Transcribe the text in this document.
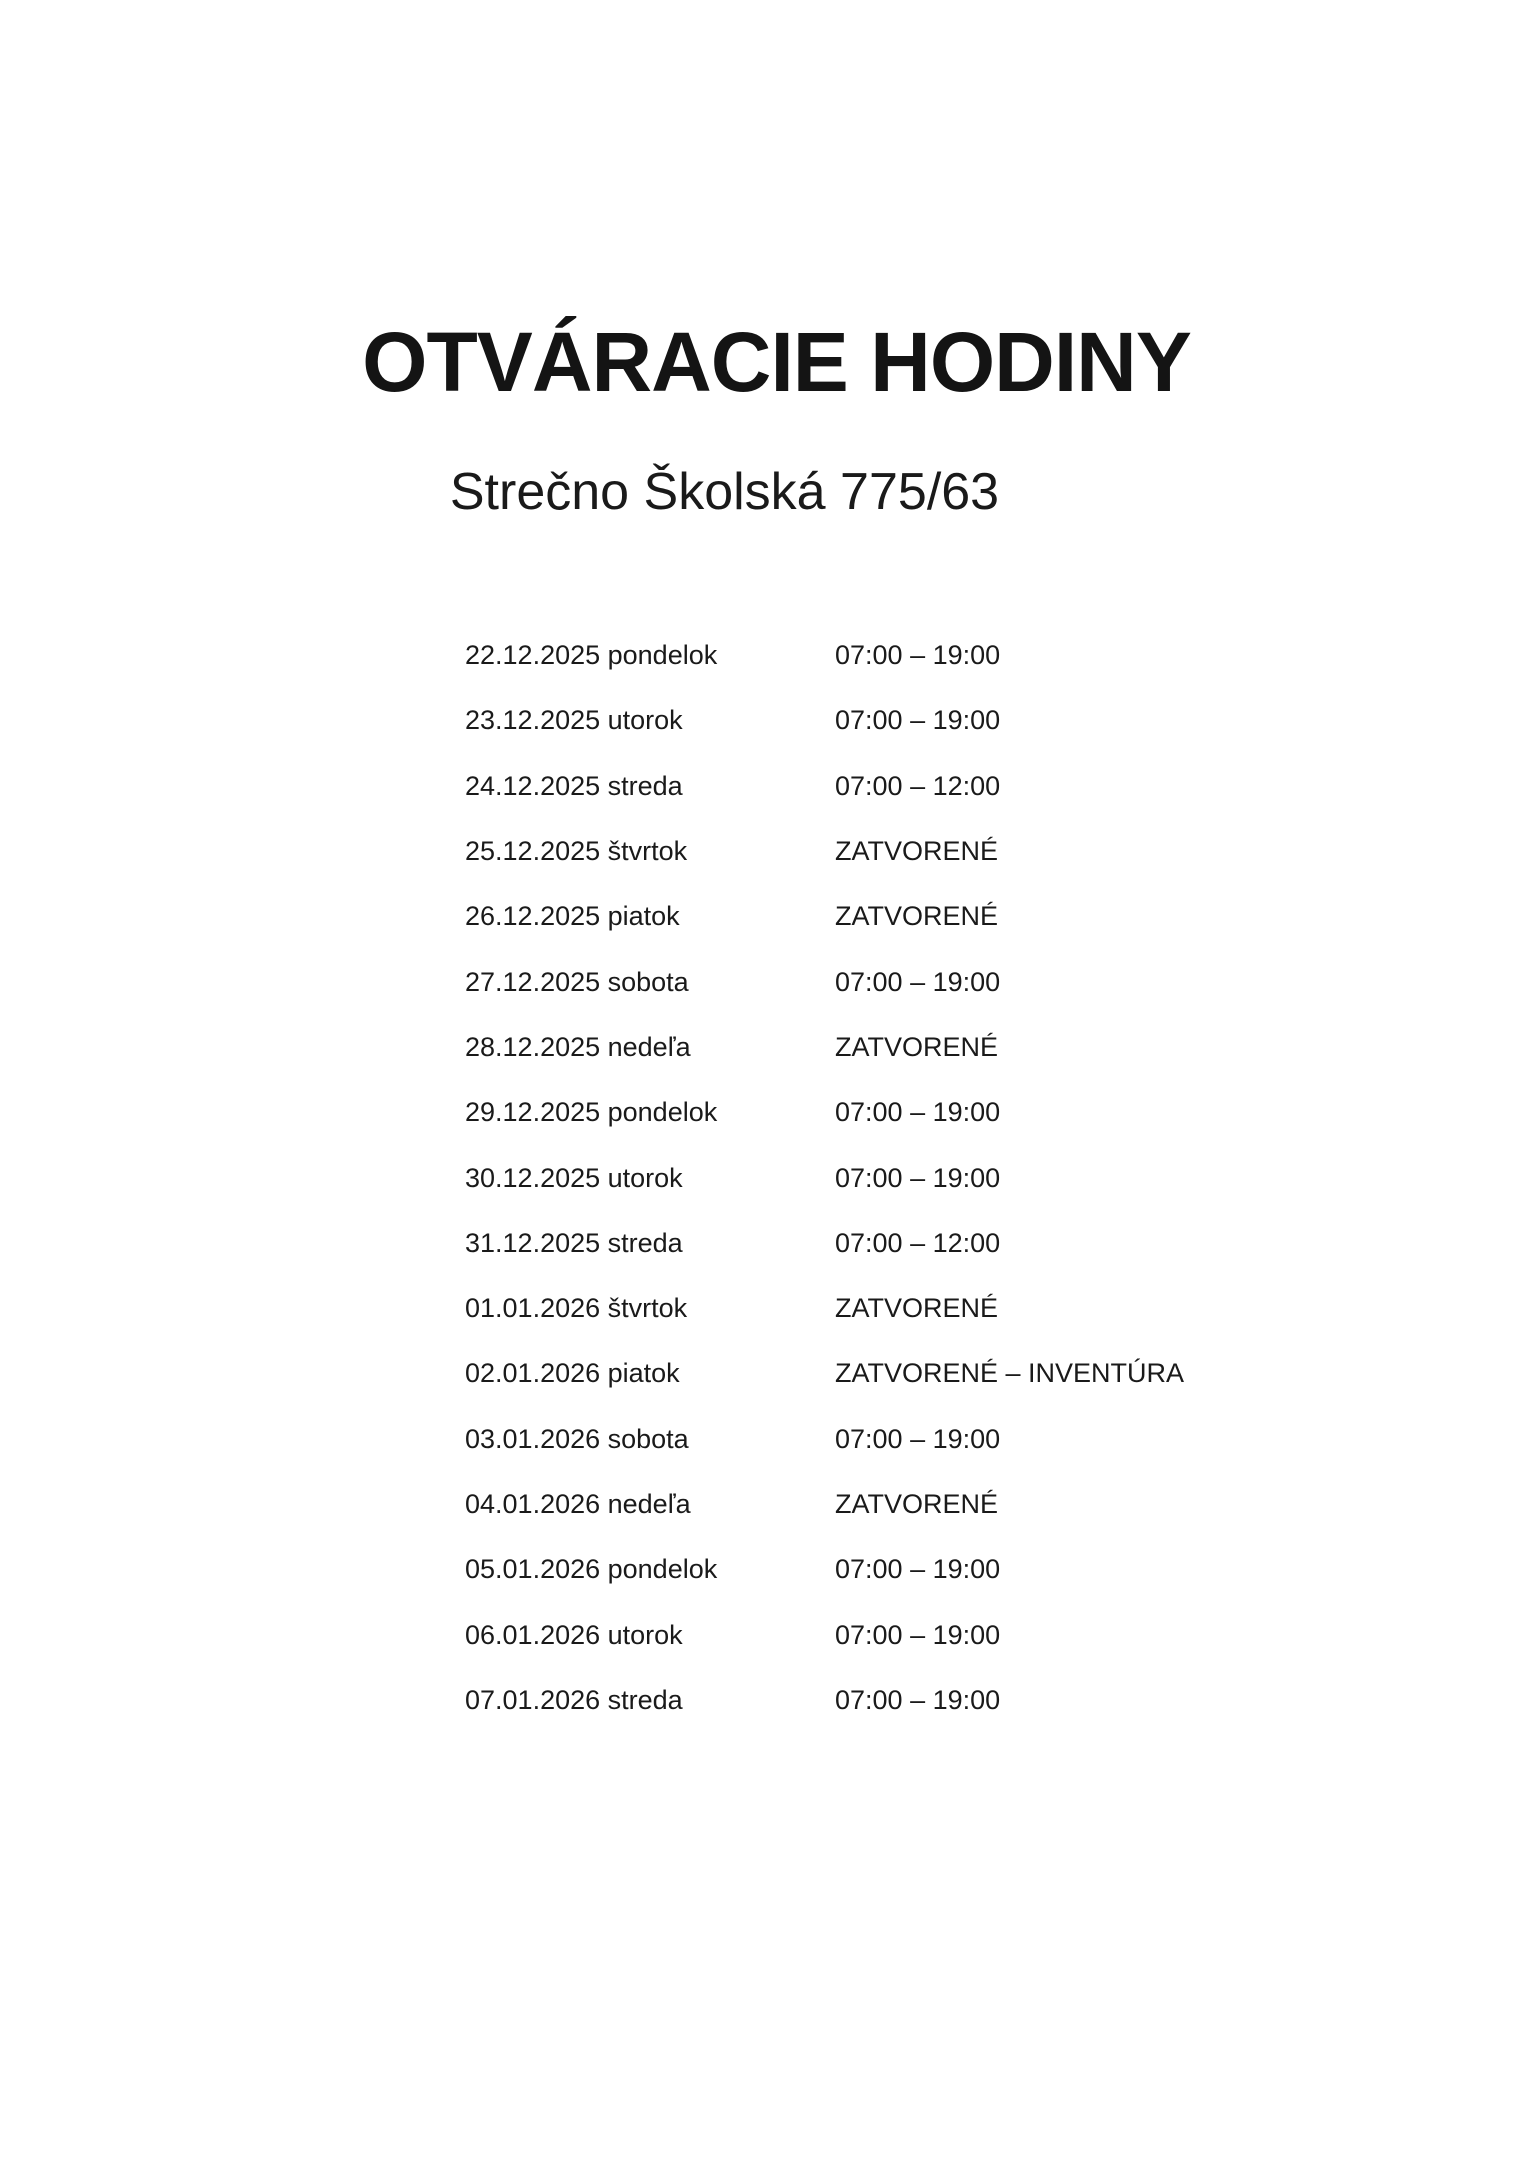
OTVÁRACIE HODINY
Strečno Školská 775/63
22.12.2025 pondelok	07:00 – 19:00
23.12.2025 utorok	07:00 – 19:00
24.12.2025 streda	07:00 – 12:00
25.12.2025 štvrtok	ZATVORENÉ
26.12.2025 piatok	ZATVORENÉ
27.12.2025 sobota	07:00 – 19:00
28.12.2025 nedeľa	ZATVORENÉ
29.12.2025 pondelok	07:00 – 19:00
30.12.2025 utorok	07:00 – 19:00
31.12.2025 streda	07:00 – 12:00
01.01.2026 štvrtok	ZATVORENÉ
02.01.2026 piatok	ZATVORENÉ – INVENTÚRA
03.01.2026 sobota	07:00 – 19:00
04.01.2026 nedeľa	ZATVORENÉ
05.01.2026 pondelok	07:00 – 19:00
06.01.2026 utorok	07:00 – 19:00
07.01.2026 streda	07:00 – 19:00
